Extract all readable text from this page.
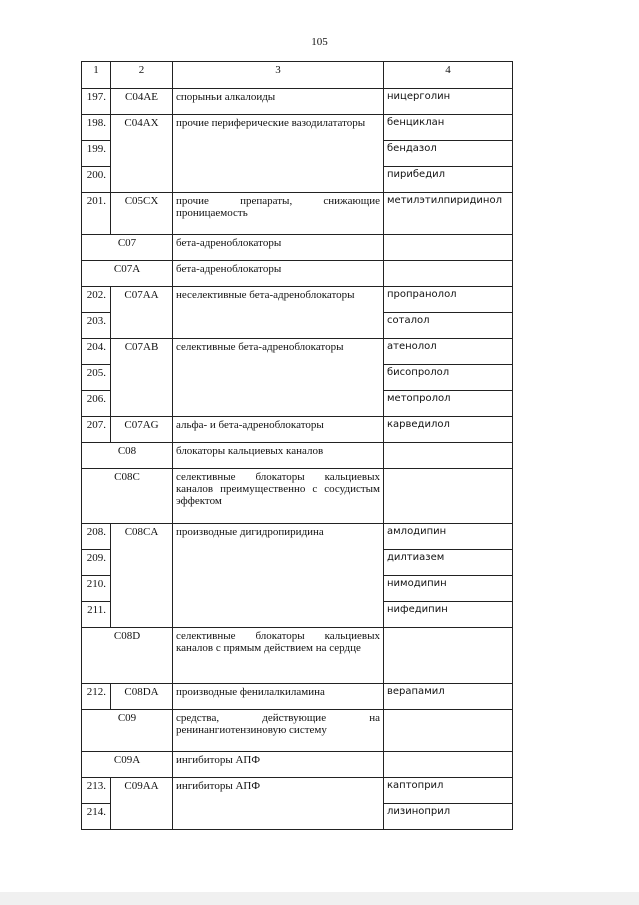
105
1	2	3	4
197.	C04AE	спорыньи алкалоиды	ницерголин
198.	C04AX	прочие периферические вазодилататоры	бенциклан
199.			бендазол
200.			пирибедил
201.	C05CX	прочие препараты, снижающие проницаемость	метилэтилпиридинол
C07		бета-адреноблокаторы	
C07A		бета-адреноблокаторы	
202.	C07AA	неселективные бета-адреноблокаторы	пропранолол
203.			соталол
204.	C07AB	селективные бета-адреноблокаторы	атенолол
205.			бисопролол
206.			метопролол
207.	C07AG	альфа- и бета-адреноблокаторы	карведилол
C08		блокаторы кальциевых каналов	
C08C		селективные блокаторы кальциевых каналов преимущественно с сосудистым эффектом	
208.	C08CA	производные дигидропиридина	амлодипин
209.			дилтиазем
210.			нимодипин
211.			нифедипин
C08D		селективные блокаторы кальциевых каналов с прямым действием на сердце	
212.	C08DA	производные фенилалкиламина	верапамил
C09		средства, действующие на ренинангиотензиновую систему	
C09A		ингибиторы АПФ	
213.	C09AA	ингибиторы АПФ	каптоприл
214.			лизиноприл
